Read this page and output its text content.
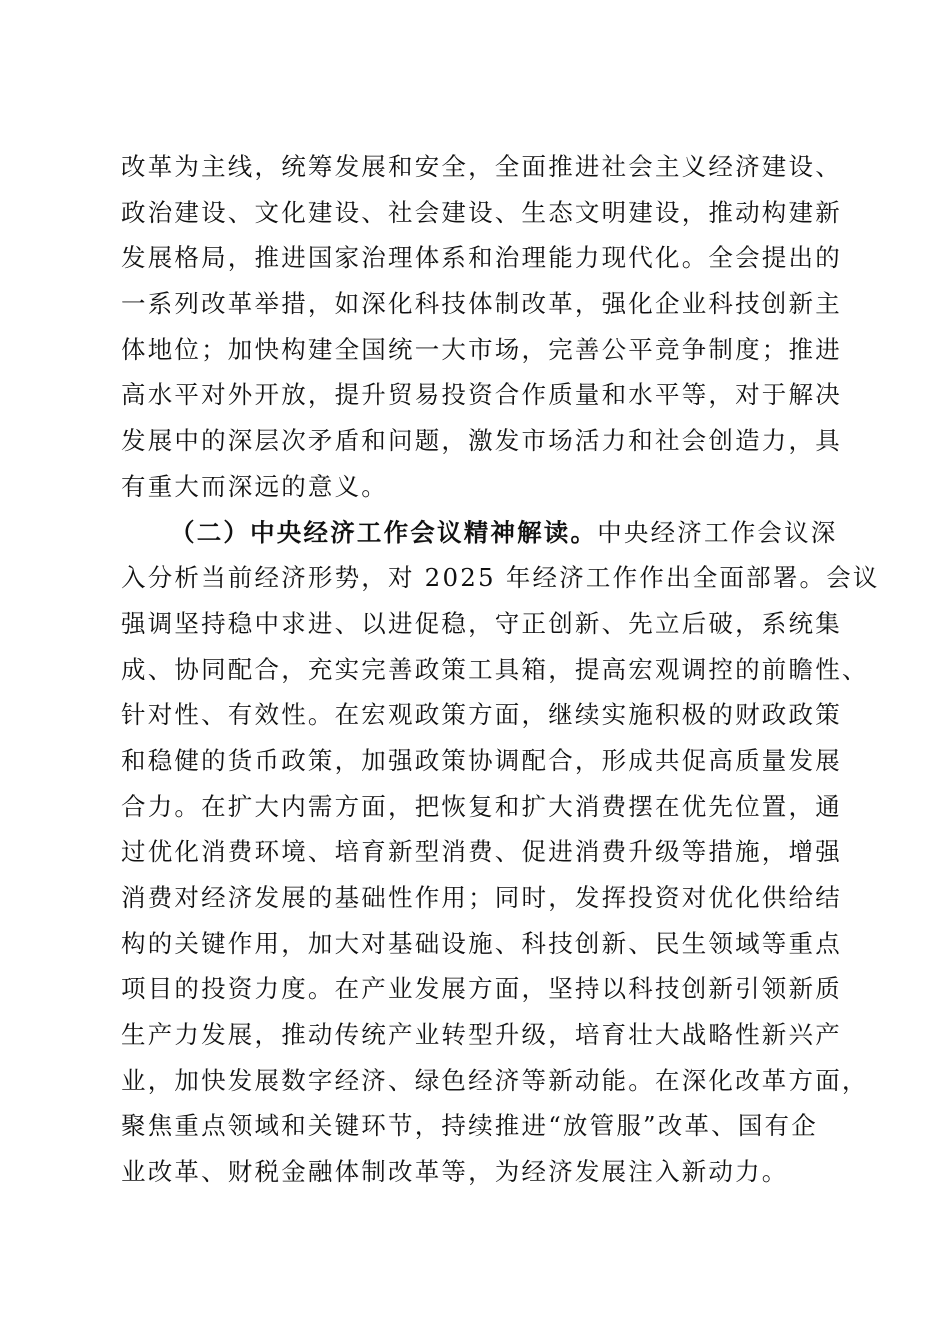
改革为主线，统筹发展和安全，全面推进社会主义经济建设、
政治建设、文化建设、社会建设、生态文明建设，推动构建新
发展格局，推进国家治理体系和治理能力现代化。全会提出的
一系列改革举措，如深化科技体制改革，强化企业科技创新主
体地位；加快构建全国统一大市场，完善公平竞争制度；推进
高水平对外开放，提升贸易投资合作质量和水平等，对于解决
发展中的深层次矛盾和问题，激发市场活力和社会创造力，具
有重大而深远的意义。
（二）中央经济工作会议精神解读。中央经济工作会议深
入分析当前经济形势，对 2025 年经济工作作出全面部署。会议
强调坚持稳中求进、以进促稳，守正创新、先立后破，系统集
成、协同配合，充实完善政策工具箱，提高宏观调控的前瞻性、
针对性、有效性。在宏观政策方面，继续实施积极的财政政策
和稳健的货币政策，加强政策协调配合，形成共促高质量发展
合力。在扩大内需方面，把恢复和扩大消费摆在优先位置，通
过优化消费环境、培育新型消费、促进消费升级等措施，增强
消费对经济发展的基础性作用；同时，发挥投资对优化供给结
构的关键作用，加大对基础设施、科技创新、民生领域等重点
项目的投资力度。在产业发展方面，坚持以科技创新引领新质
生产力发展，推动传统产业转型升级，培育壮大战略性新兴产
业，加快发展数字经济、绿色经济等新动能。在深化改革方面，
聚焦重点领域和关键环节，持续推进“放管服”改革、国有企
业改革、财税金融体制改革等，为经济发展注入新动力。
